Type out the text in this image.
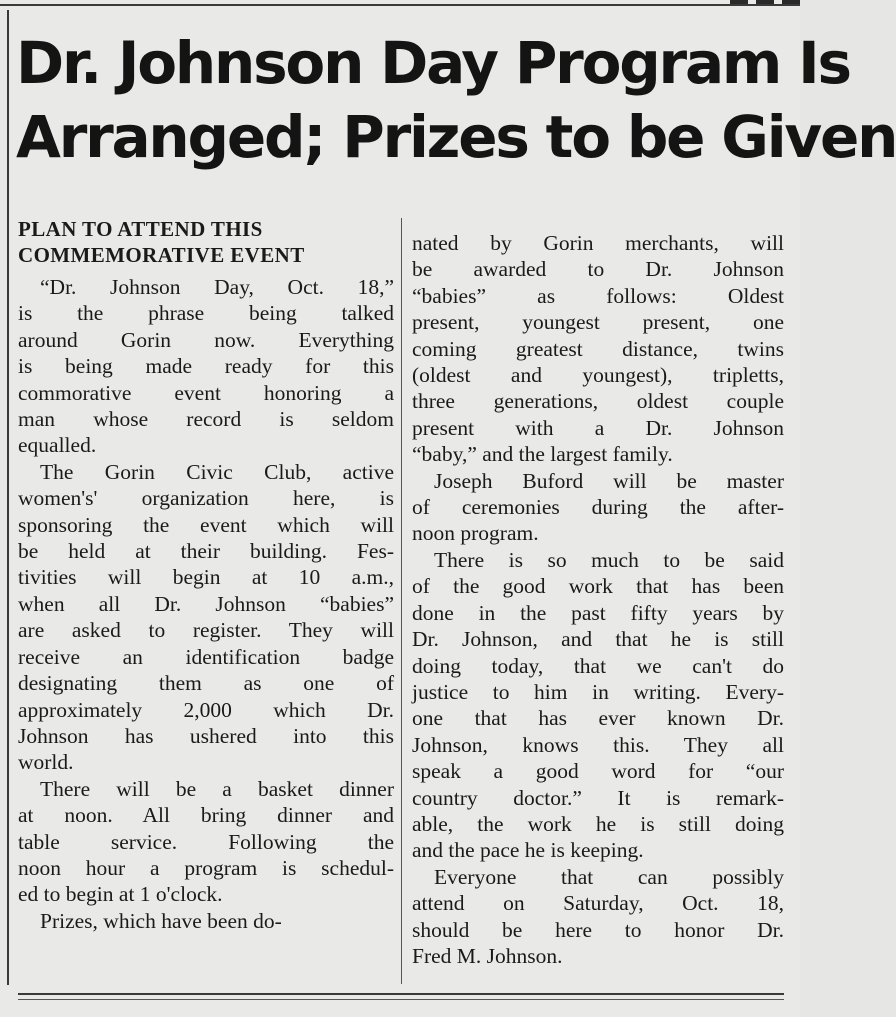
Dr. Johnson Day Program Is
Arranged; Prizes to be Given
PLAN TO ATTEND THIS
COMMEMORATIVE EVENT

“Dr. Johnson Day, Oct. 18,”
is the phrase being talked
around Gorin now. Everything
is being made ready for this
commorative event honoring a
man whose record is seldom
equalled.

The Gorin Civic Club, active
women's' organization here, is
sponsoring the event which will
be held at their building. Fes-
tivities will begin at 10 a.m.,
when all Dr. Johnson “babies”
are asked to register. They will
receive an identification badge
designating them as one of
approximately 2,000 which Dr.
Johnson has ushered into this
world.

There will be a basket dinner
at noon. All bring dinner and
table service. Following the
noon hour a program is schedul-
ed to begin at 1 o'clock.

Prizes, which have been do-

nated by Gorin merchants, will
be awarded to Dr. Johnson
“babies” as follows: Oldest
present, youngest present, one
coming greatest distance, twins
(oldest and youngest), tripletts,
three generations, oldest couple
present with a Dr. Johnson
“baby,” and the largest family.

Joseph Buford will be master
of ceremonies during the after-
noon program.

There is so much to be said
of the good work that has been
done in the past fifty years by
Dr. Johnson, and that he is still
doing today, that we can't do
justice to him in writing. Every-
one that has ever known Dr.
Johnson, knows this. They all
speak a good word for “our
country doctor.” It is remark-
able, the work he is still doing
and the pace he is keeping.

Everyone that can possibly
attend on Saturday, Oct. 18,
should be here to honor Dr.
Fred M. Johnson.
